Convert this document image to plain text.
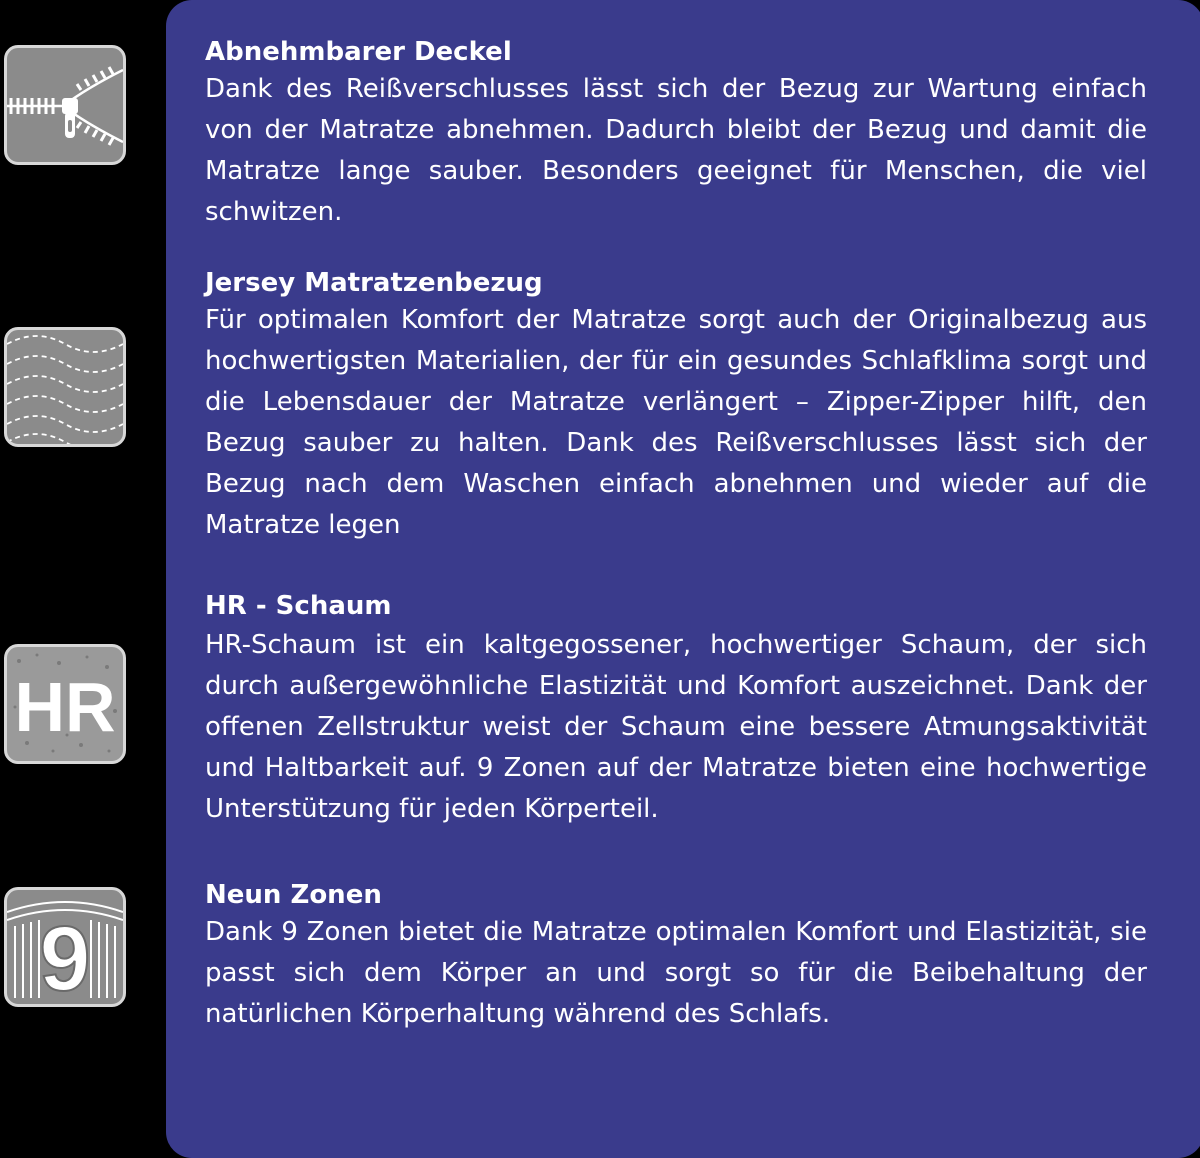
HR
9
Abnehmbarer Deckel

Dank des Reißverschlusses lässt sich der Bezug zur Wartung einfach von der Matratze abnehmen. Dadurch bleibt der Bezug und damit die Matratze lange sauber. Besonders geeignet für Menschen, die viel schwitzen.

Jersey Matratzenbezug

Für optimalen Komfort der Matratze sorgt auch der Originalbezug aus hochwertigsten Materialien, der für ein gesundes Schlafklima sorgt und die Lebensdauer der Matratze verlängert – Zipper-Zipper hilft, den Bezug sauber zu halten. Dank des Reißverschlusses lässt sich der Bezug nach dem Waschen einfach abnehmen und wieder auf die Matratze legen

HR - Schaum

HR-Schaum ist ein kaltgegossener, hochwertiger Schaum, der sich durch außergewöhnliche Elastizität und Komfort auszeichnet. Dank der offenen Zellstruktur weist der Schaum eine bessere Atmungsaktivität und Haltbarkeit auf. 9 Zonen auf der Matratze bieten eine hochwertige Unterstützung für jeden Körperteil.

Neun Zonen

Dank 9 Zonen bietet die Matratze optimalen Komfort und Elastizität, sie passt sich dem Körper an und sorgt so für die Beibehaltung der natürlichen Körperhaltung während des Schlafs.
